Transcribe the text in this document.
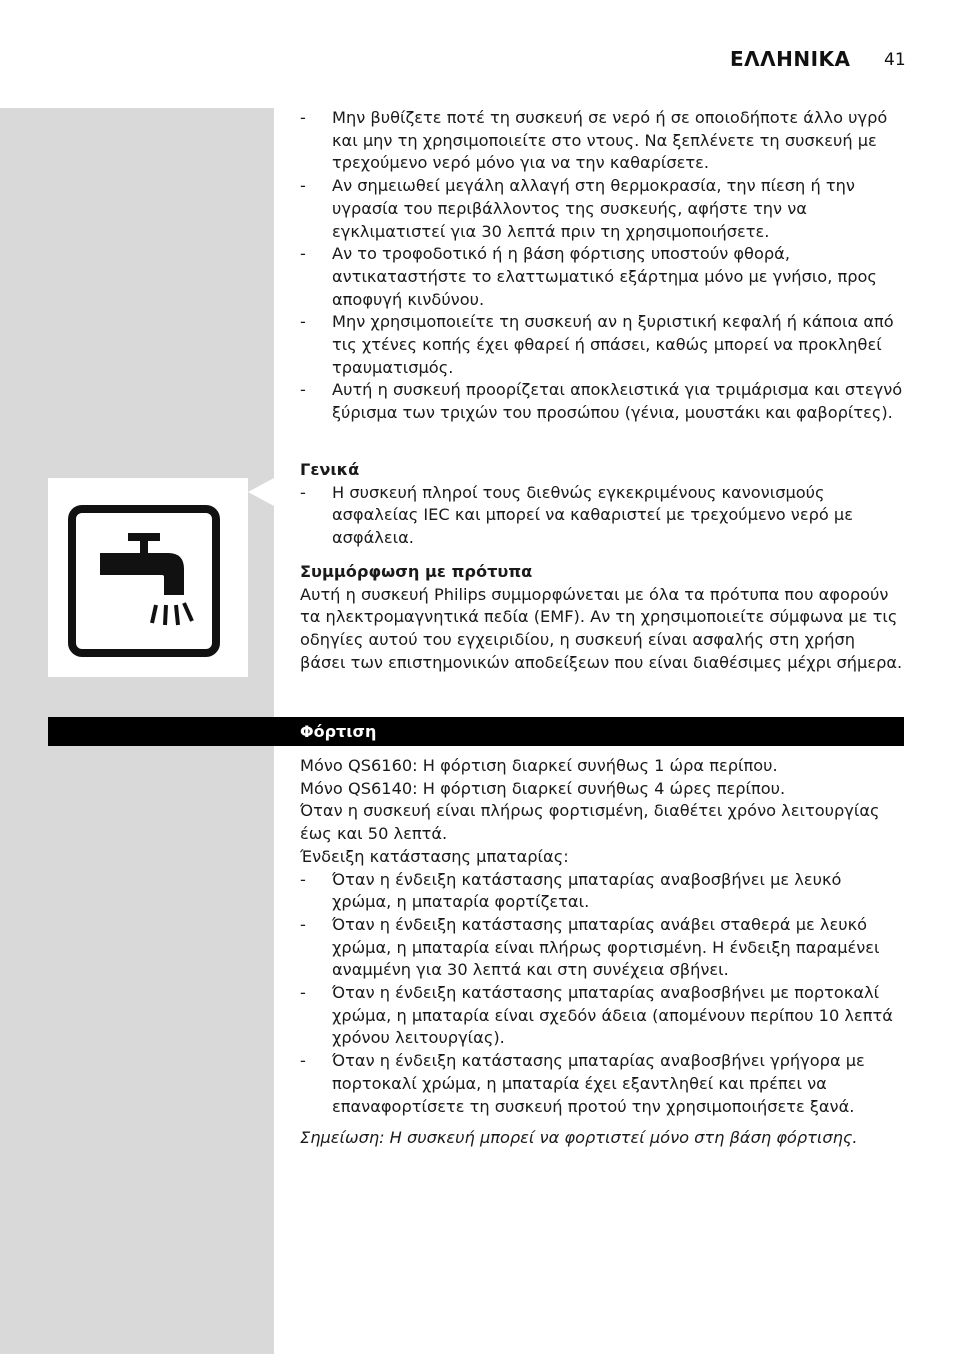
ΕΛΛΗΝΙΚΑ 41
- Μην βυθίζετε ποτέ τη συσκευή σε νερό ή σε οποιοδήποτε άλλο υγρό και μην τη χρησιμοποιείτε στο ντους. Να ξεπλένετε τη συσκευή με τρεχούμενο νερό μόνο για να την καθαρίσετε.
- Αν σημειωθεί μεγάλη αλλαγή στη θερμοκρασία, την πίεση ή την υγρασία του περιβάλλοντος της συσκευής, αφήστε την να εγκλιματιστεί για 30 λεπτά πριν τη χρησιμοποιήσετε.
- Αν το τροφοδοτικό ή η βάση φόρτισης υποστούν φθορά, αντικαταστήστε το ελαττωματικό εξάρτημα μόνο με γνήσιο, προς αποφυγή κινδύνου.
- Μην χρησιμοποιείτε τη συσκευή αν η ξυριστική κεφαλή ή κάποια από τις χτένες κοπής έχει φθαρεί ή σπάσει, καθώς μπορεί να προκληθεί τραυματισμός.
- Αυτή η συσκευή προορίζεται αποκλειστικά για τριμάρισμα και στεγνό ξύρισμα των τριχών του προσώπου (γένια, μουστάκι και φαβορίτες).

Γενικά

- Η συσκευή πληροί τους διεθνώς εγκεκριμένους κανονισμούς ασφαλείας IEC και μπορεί να καθαριστεί με τρεχούμενο νερό με ασφάλεια.

Συμμόρφωση με πρότυπα

Αυτή η συσκευή Philips συμμορφώνεται με όλα τα πρότυπα που αφορούν τα ηλεκτρομαγνητικά πεδία (EMF). Αν τη χρησιμοποιείτε σύμφωνα με τις οδηγίες αυτού του εγχειριδίου, η συσκευή είναι ασφαλής στη χρήση βάσει των επιστημονικών αποδείξεων που είναι διαθέσιμες μέχρι σήμερα.

Φόρτιση

Μόνο QS6160: Η φόρτιση διαρκεί συνήθως 1 ώρα περίπου.

Μόνο QS6140: Η φόρτιση διαρκεί συνήθως 4 ώρες περίπου.

Όταν η συσκευή είναι πλήρως φορτισμένη, διαθέτει χρόνο λειτουργίας έως και 50 λεπτά.

Ένδειξη κατάστασης μπαταρίας:

- Όταν η ένδειξη κατάστασης μπαταρίας αναβοσβήνει με λευκό χρώμα, η μπαταρία φορτίζεται.
- Όταν η ένδειξη κατάστασης μπαταρίας ανάβει σταθερά με λευκό χρώμα, η μπαταρία είναι πλήρως φορτισμένη. Η ένδειξη παραμένει αναμμένη για 30 λεπτά και στη συνέχεια σβήνει.
- Όταν η ένδειξη κατάστασης μπαταρίας αναβοσβήνει με πορτοκαλί χρώμα, η μπαταρία είναι σχεδόν άδεια (απομένουν περίπου 10 λεπτά χρόνου λειτουργίας).
- Όταν η ένδειξη κατάστασης μπαταρίας αναβοσβήνει γρήγορα με πορτοκαλί χρώμα, η μπαταρία έχει εξαντληθεί και πρέπει να επαναφορτίσετε τη συσκευή προτού την χρησιμοποιήσετε ξανά.

Σημείωση: Η συσκευή μπορεί να φορτιστεί μόνο στη βάση φόρτισης.
